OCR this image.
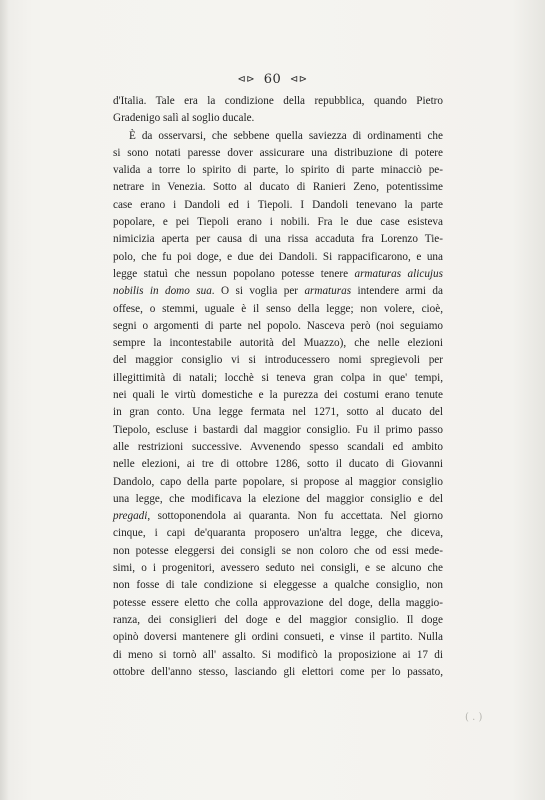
⊲⊳ 60 ⊲⊳
d'Italia. Tale era la condizione della repubblica, quando Pietro
Gradenigo salì al soglio ducale.
È da osservarsi, che sebbene quella saviezza di ordinamenti che
si sono notati paresse dover assicurare una distribuzione di potere
valida a torre lo spirito di parte, lo spirito di parte minacciò pe-
netrare in Venezia. Sotto al ducato di Ranieri Zeno, potentissime
case erano i Dandoli ed i Tiepoli. I Dandoli tenevano la parte
popolare, e pei Tiepoli erano i nobili. Fra le due case esisteva
nimicizia aperta per causa di una rissa accaduta fra Lorenzo Tie-
polo, che fu poi doge, e due dei Dandoli. Si rappacificarono, e una
legge statuì che nessun popolano potesse tenere armaturas alicujus
nobilis in domo sua. O si voglia per armaturas intendere armi da
offese, o stemmi, uguale è il senso della legge; non volere, cioè,
segni o argomenti di parte nel popolo. Nasceva però (noi seguiamo
sempre la incontestabile autorità del Muazzo), che nelle elezioni
del maggior consiglio vi si introducessero nomi spregievoli per
illegittimità di natali; locchè si teneva gran colpa in que' tempi,
nei quali le virtù domestiche e la purezza dei costumi erano tenute
in gran conto. Una legge fermata nel 1271, sotto al ducato del
Tiepolo, escluse i bastardi dal maggior consiglio. Fu il primo passo
alle restrizioni successive. Avvenendo spesso scandali ed ambito
nelle elezioni, ai tre di ottobre 1286, sotto il ducato di Giovanni
Dandolo, capo della parte popolare, si propose al maggior consiglio
una legge, che modificava la elezione del maggior consiglio e del
pregadi, sottoponendola ai quaranta. Non fu accettata. Nel giorno
cinque, i capi de'quaranta proposero un'altra legge, che diceva,
non potesse eleggersi dei consigli se non coloro che od essi mede-
simi, o i progenitori, avessero seduto nei consigli, e se alcuno che
non fosse di tale condizione si eleggesse a qualche consiglio, non
potesse essere eletto che colla approvazione del doge, della maggio-
ranza, dei consiglieri del doge e del maggior consiglio. Il doge
opinò doversi mantenere gli ordini consueti, e vinse il partito. Nulla
di meno si tornò all' assalto. Si modificò la proposizione ai 17 di
ottobre dell'anno stesso, lasciando gli elettori come per lo passato,
( . )
